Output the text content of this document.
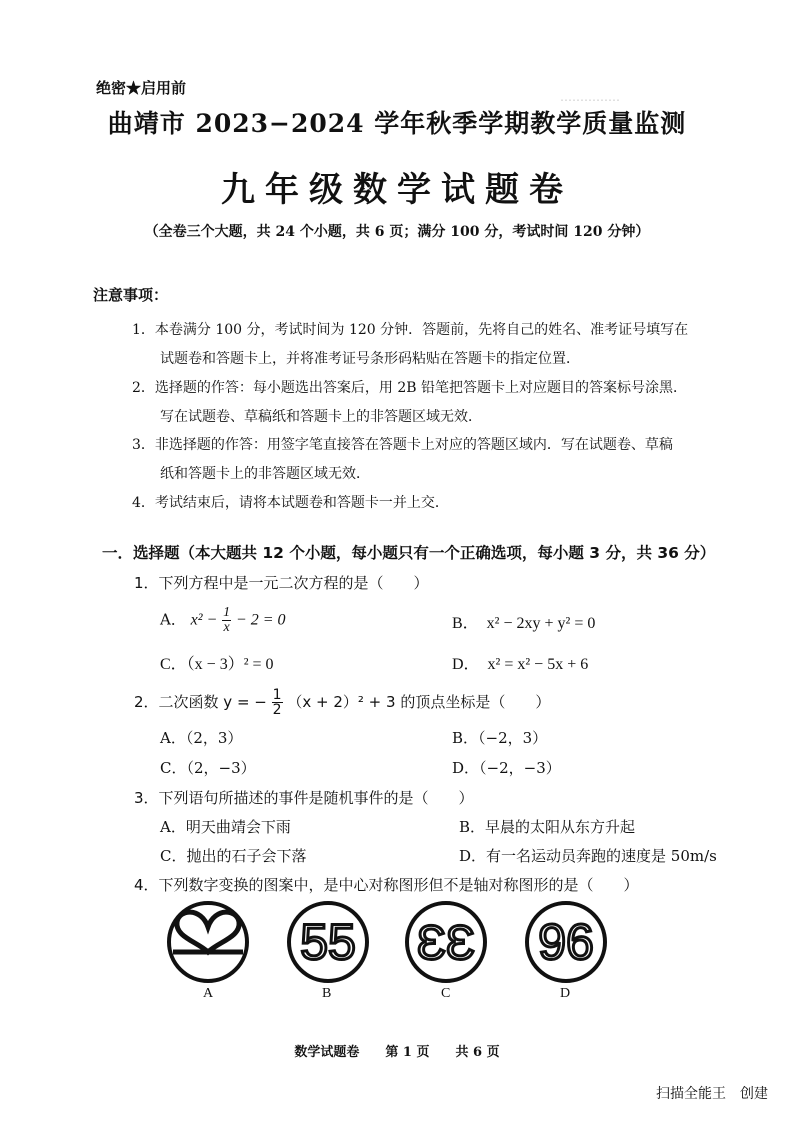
……………
绝密★启用前
曲靖市 2023−2024 学年秋季学期教学质量监测
九年级数学试题卷
（全卷三个大题，共 24 个小题，共 6 页；满分 100 分，考试时间 120 分钟）
注意事项：
1．本卷满分 100 分，考试时间为 120 分钟．答题前，先将自己的姓名、准考证号填写在
试题卷和答题卡上，并将准考证号条形码粘贴在答题卡的指定位置．
2．选择题的作答：每小题选出答案后，用 2B 铅笔把答题卡上对应题目的答案标号涂黑．
写在试题卷、草稿纸和答题卡上的非答题区域无效．
3．非选择题的作答：用签字笔直接答在答题卡上对应的答题区域内．写在试题卷、草稿
纸和答题卡上的非答题区域无效．
4．考试结束后，请将本试题卷和答题卡一并上交．
一．选择题（本大题共 12 个小题，每小题只有一个正确选项，每小题 3 分，共 36 分）
1．下列方程中是一元二次方程的是（　　）
A． $x^2 - \frac{1}{x} - 2 = 0$	B．　x² − 2xy + y² = 0
C．（x − 3）² = 0	D．　x² = x² − 5x + 6
2．二次函数 y = − $\frac{1}{2} (x + 2)^2 + 3$ 的顶点坐标是（　　）
A．（2，3）	B．（−2，3）
C．（2，−3）	D．（−2，−3）
3．下列语句所描述的事件是随机事件的是（　　）
A．明天曲靖会下雨	B．早晨的太阳从东方升起
C．抛出的石子会下落	D．有一名运动员奔跑的速度是 50m/s
4．下列数字变换的图案中，是中心对称图形但不是轴对称图形的是（　　）
A
55
B
ƐƐ
C
96
D
数学试题卷　　第 1 页　　共 6 页
扫描全能王　创建
